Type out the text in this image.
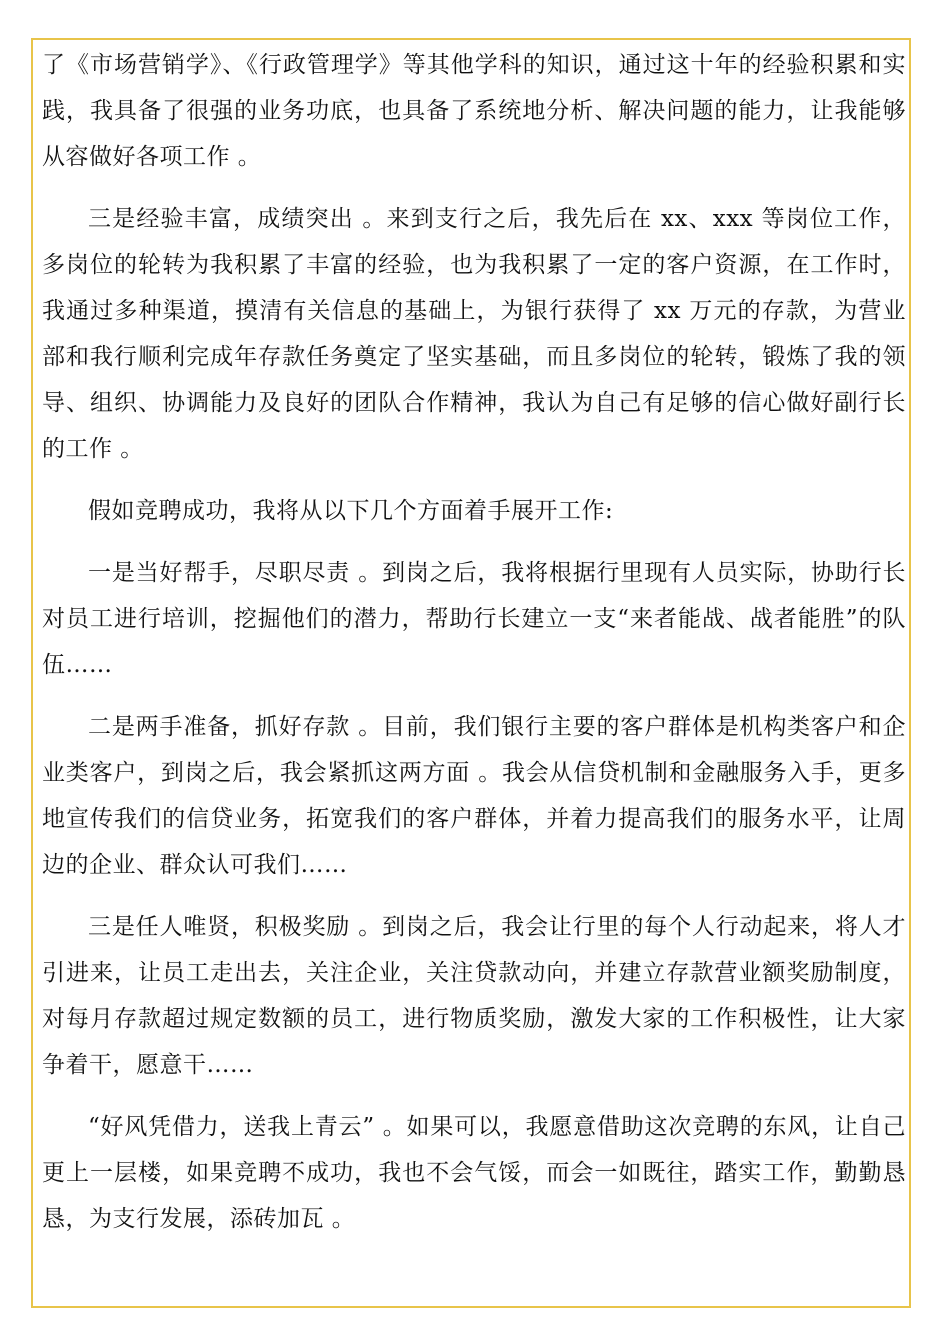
了《市场营销学》、《行政管理学》等其他学科的知识，通过这十年的经验积累和实践，我具备了很强的业务功底，也具备了系统地分析、解决问题的能力，让我能够从容做好各项工作 。

三是经验丰富，成绩突出 。来到支行之后，我先后在 xx、xxx 等岗位工作，多岗位的轮转为我积累了丰富的经验，也为我积累了一定的客户资源，在工作时，我通过多种渠道，摸清有关信息的基础上，为银行获得了 xx 万元的存款，为营业部和我行顺利完成年存款任务奠定了坚实基础，而且多岗位的轮转，锻炼了我的领导、组织、协调能力及良好的团队合作精神，我认为自己有足够的信心做好副行长的工作 。

假如竞聘成功，我将从以下几个方面着手展开工作:

一是当好帮手，尽职尽责 。到岗之后，我将根据行里现有人员实际，协助行长对员工进行培训，挖掘他们的潜力，帮助行长建立一支“来者能战、战者能胜”的队伍……

二是两手准备，抓好存款 。目前，我们银行主要的客户群体是机构类客户和企业类客户，到岗之后，我会紧抓这两方面 。我会从信贷机制和金融服务入手，更多地宣传我们的信贷业务，拓宽我们的客户群体，并着力提高我们的服务水平，让周边的企业、群众认可我们……

三是任人唯贤，积极奖励 。到岗之后，我会让行里的每个人行动起来，将人才引进来，让员工走出去，关注企业，关注贷款动向，并建立存款营业额奖励制度，对每月存款超过规定数额的员工，进行物质奖励，激发大家的工作积极性，让大家争着干，愿意干……

“好风凭借力，送我上青云” 。如果可以，我愿意借助这次竞聘的东风，让自己更上一层楼，如果竞聘不成功，我也不会气馁，而会一如既往，踏实工作，勤勤恳恳，为支行发展，添砖加瓦 。
